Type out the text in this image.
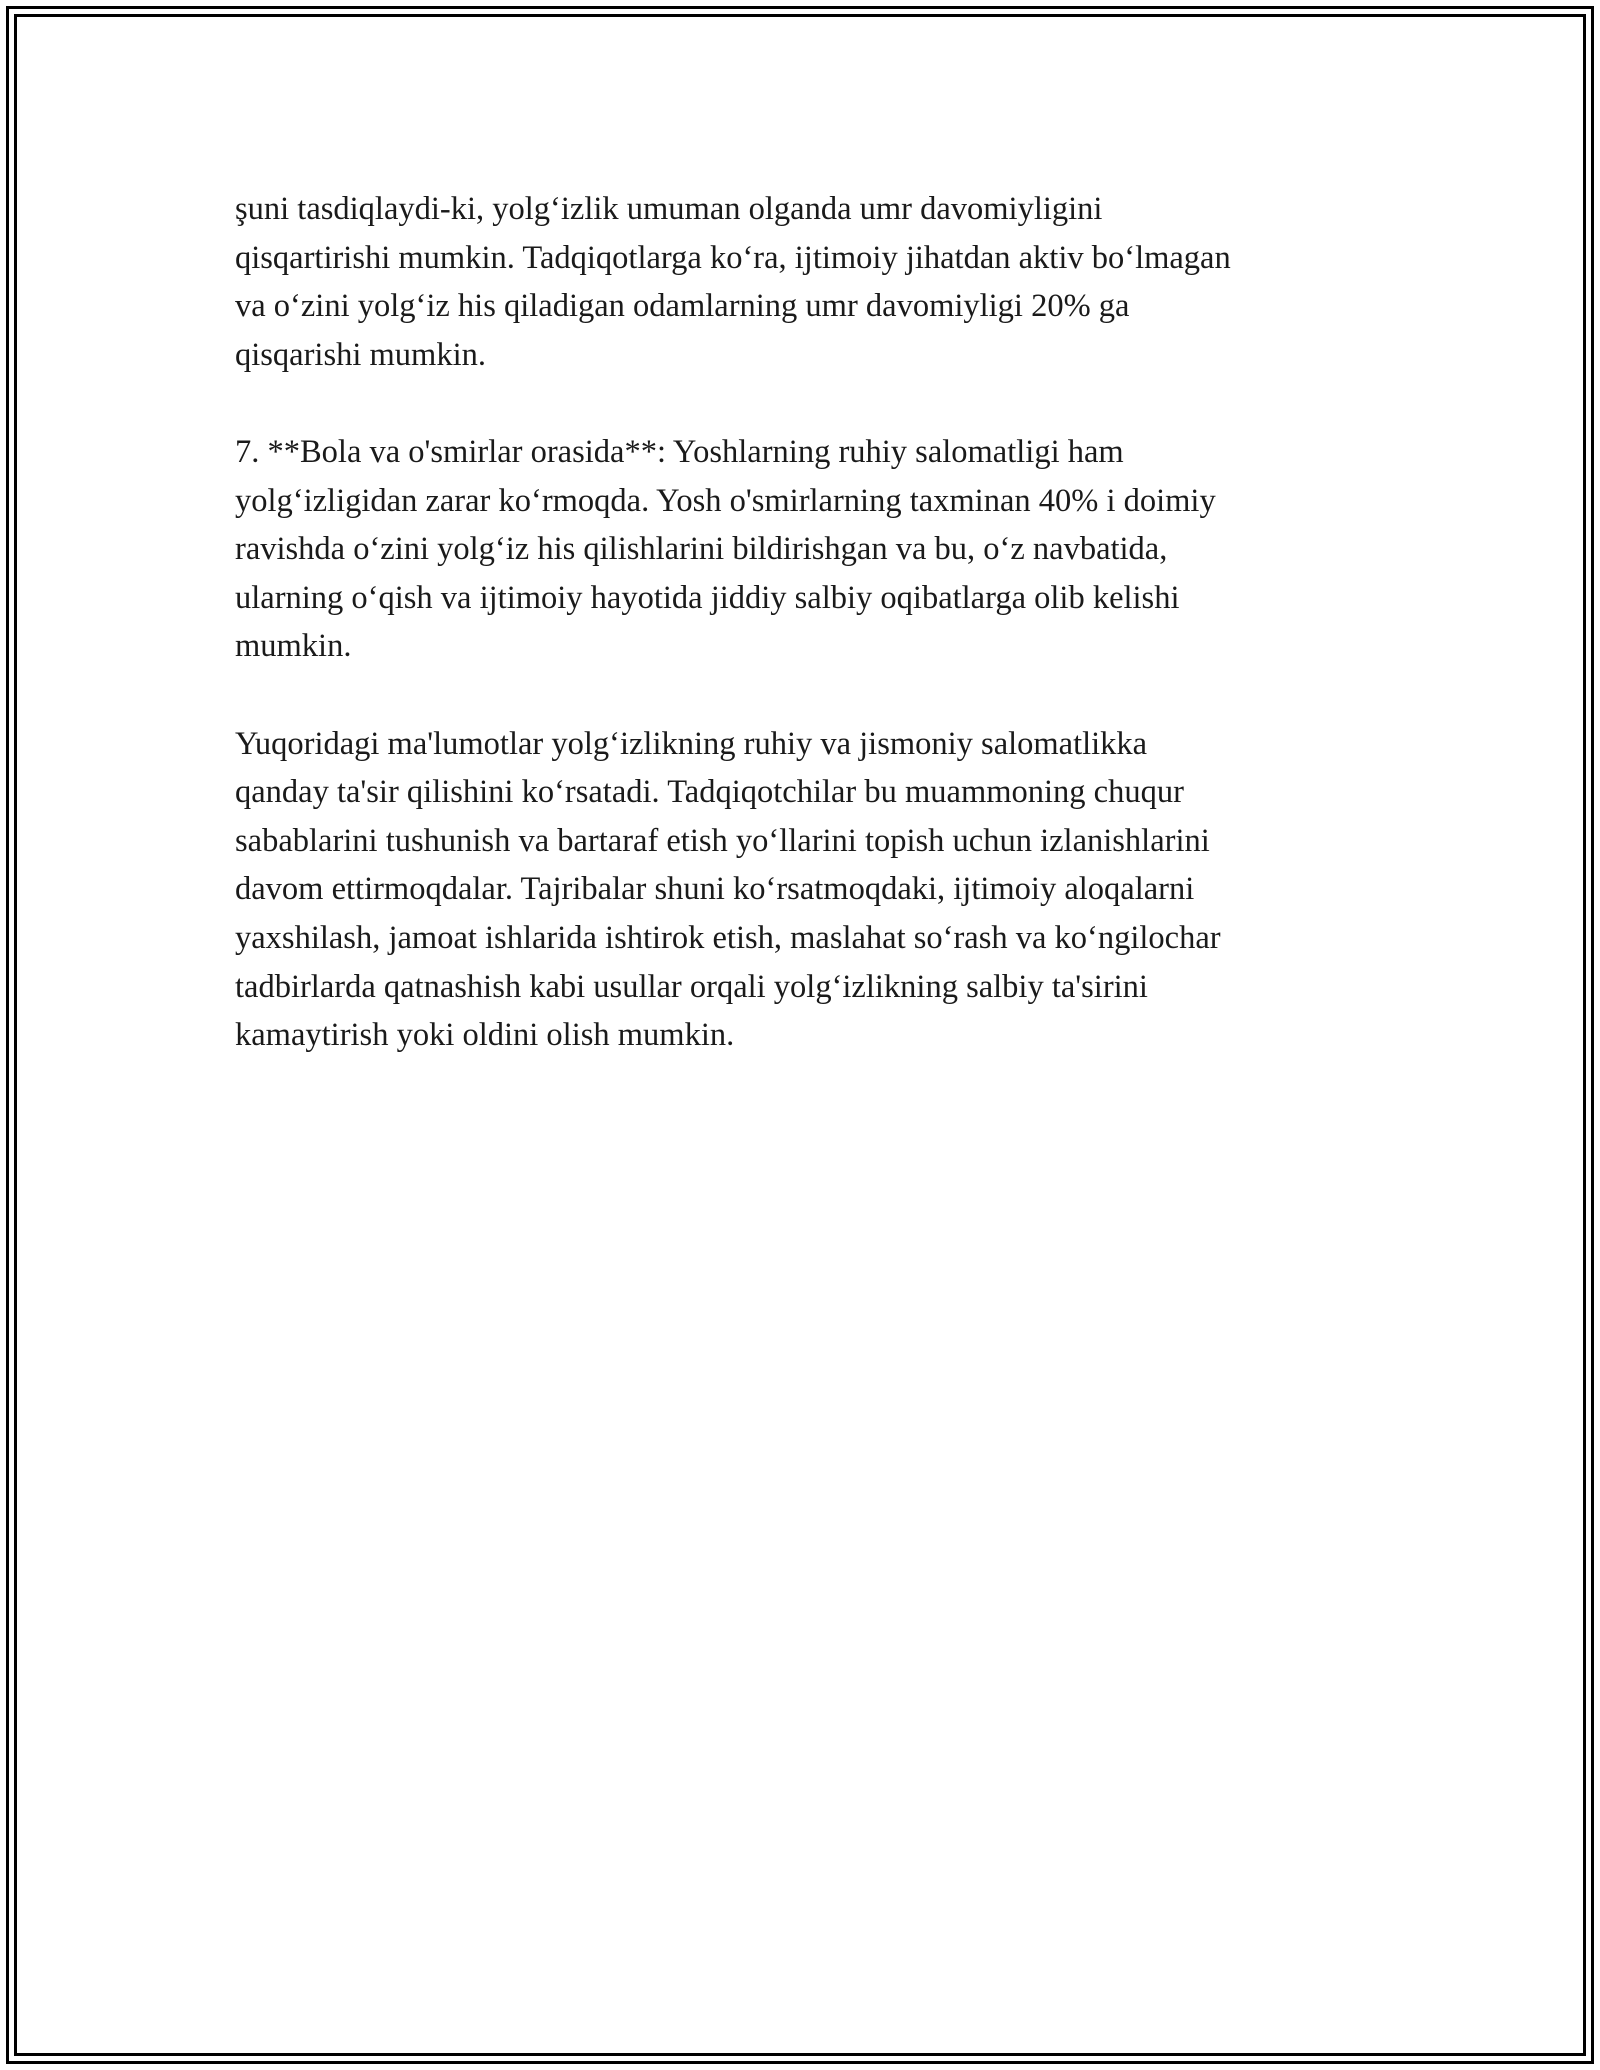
şuni tasdiqlaydi-ki, yolg‘izlik umuman olganda umr davomiyligini
qisqartirishi mumkin. Tadqiqotlarga ko‘ra, ijtimoiy jihatdan aktiv bo‘lmagan
va o‘zini yolg‘iz his qiladigan odamlarning umr davomiyligi 20% ga
qisqarishi mumkin.

7. **Bola va o'smirlar orasida**: Yoshlarning ruhiy salomatligi ham
yolg‘izligidan zarar ko‘rmoqda. Yosh o'smirlarning taxminan 40% i doimiy
ravishda o‘zini yolg‘iz his qilishlarini bildirishgan va bu, o‘z navbatida,
ularning o‘qish va ijtimoiy hayotida jiddiy salbiy oqibatlarga olib kelishi
mumkin.

Yuqoridagi ma'lumotlar yolg‘izlikning ruhiy va jismoniy salomatlikka
qanday ta'sir qilishini ko‘rsatadi. Tadqiqotchilar bu muammoning chuqur
sabablarini tushunish va bartaraf etish yo‘llarini topish uchun izlanishlarini
davom ettirmoqdalar. Tajribalar shuni ko‘rsatmoqdaki, ijtimoiy aloqalarni
yaxshilash, jamoat ishlarida ishtirok etish, maslahat so‘rash va ko‘ngilochar
tadbirlarda qatnashish kabi usullar orqali yolg‘izlikning salbiy ta'sirini
kamaytirish yoki oldini olish mumkin.
